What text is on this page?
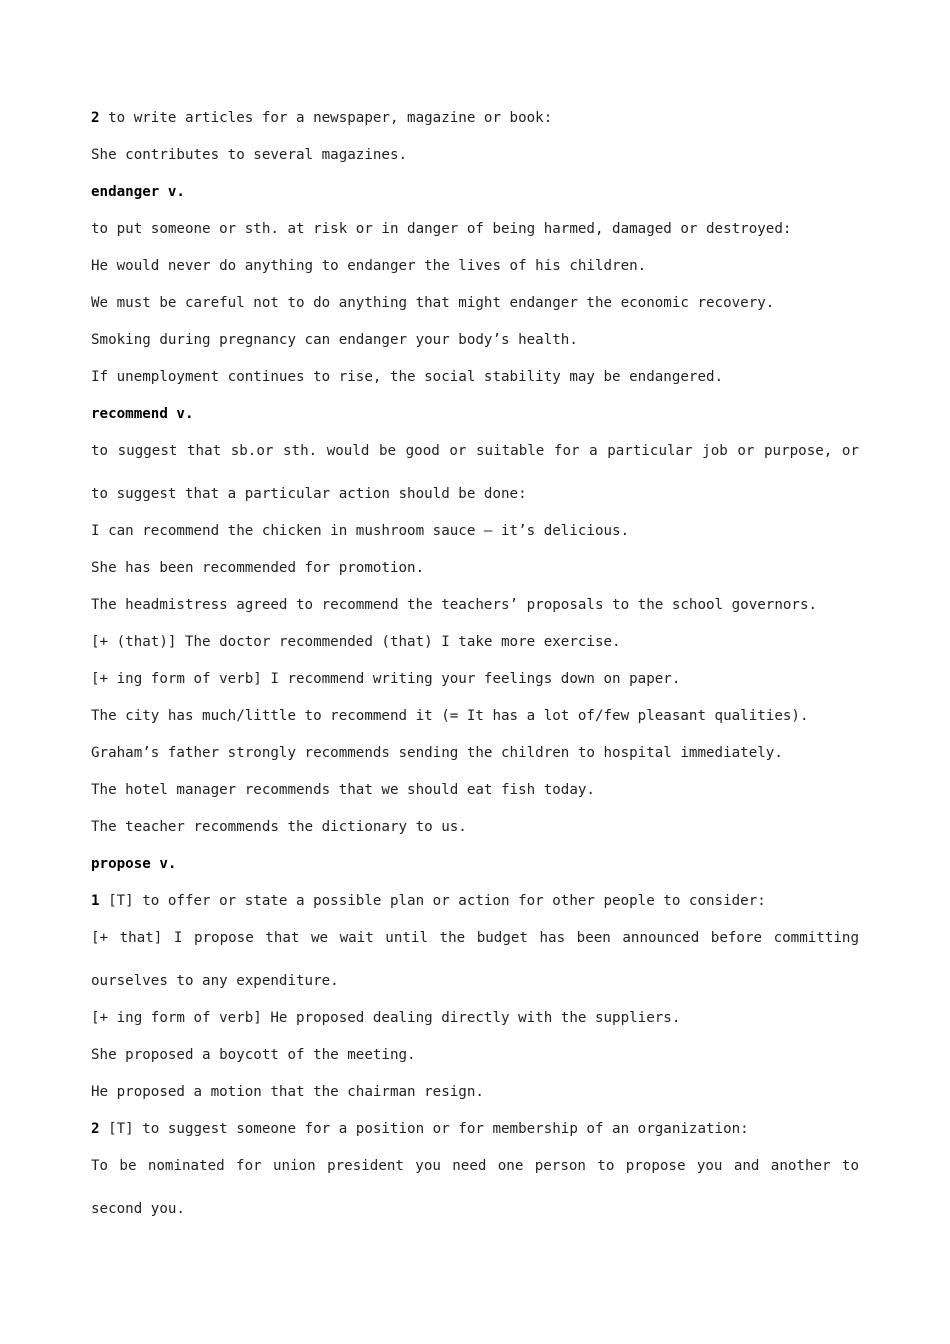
2 to write articles for a newspaper, magazine or book:

She contributes to several magazines.

endanger v.

to put someone or sth. at risk or in danger of being harmed, damaged or destroyed:

He would never do anything to endanger the lives of his children.

We must be careful not to do anything that might endanger the economic recovery.

Smoking during pregnancy can endanger your body’s health.

If unemployment continues to rise, the social stability may be endangered.

recommend v.

to suggest that sb.or sth. would be good or suitable for a particular job or purpose, or to suggest that a particular action should be done:

I can recommend the chicken in mushroom sauce – it’s delicious.

She has been recommended for promotion.

The headmistress agreed to recommend the teachers’ proposals to the school governors.

[+ (that)] The doctor recommended (that) I take more exercise.

[+ ing form of verb] I recommend writing your feelings down on paper.

The city has much/little to recommend it (= It has a lot of/few pleasant qualities).

Graham’s father strongly recommends sending the children to hospital immediately.

The hotel manager recommends that we should eat fish today.

The teacher recommends the dictionary to us.

propose v.

1 [T] to offer or state a possible plan or action for other people to consider:

[+ that] I propose that we wait until the budget has been announced before committing ourselves to any expenditure.

[+ ing form of verb] He proposed dealing directly with the suppliers.

She proposed a boycott of the meeting.

He proposed a motion that the chairman resign.

2 [T] to suggest someone for a position or for membership of an organization:

To be nominated for union president you need one person to propose you and another to second you.
